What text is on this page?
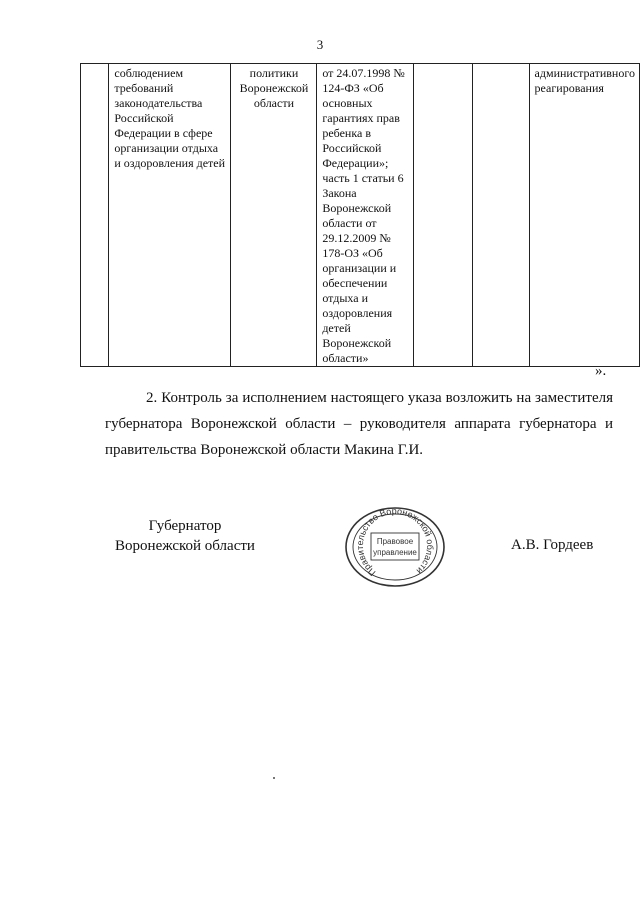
3
	соблюдением требований законодательства Российской Федерации в сфере организации отдыха и оздоровления детей	политики Воронежской области	от 24.07.1998 № 124-ФЗ «Об основных гарантиях прав ребенка в Российской Федерации»; часть 1 статьи 6 Закона Воронежской области от 29.12.2009 № 178-ОЗ «Об организации и обеспечении отдыха и оздоровления детей Воронежской области»			административного реагирования
».
2. Контроль за исполнением настоящего указа возложить на заместителя губернатора Воронежской области – руководителя аппарата губернатора и правительства Воронежской области Макина Г.И.
Губернатор
Воронежской области
Правительство Воронежской области
Правовое
управление	А.В. Гордеев
